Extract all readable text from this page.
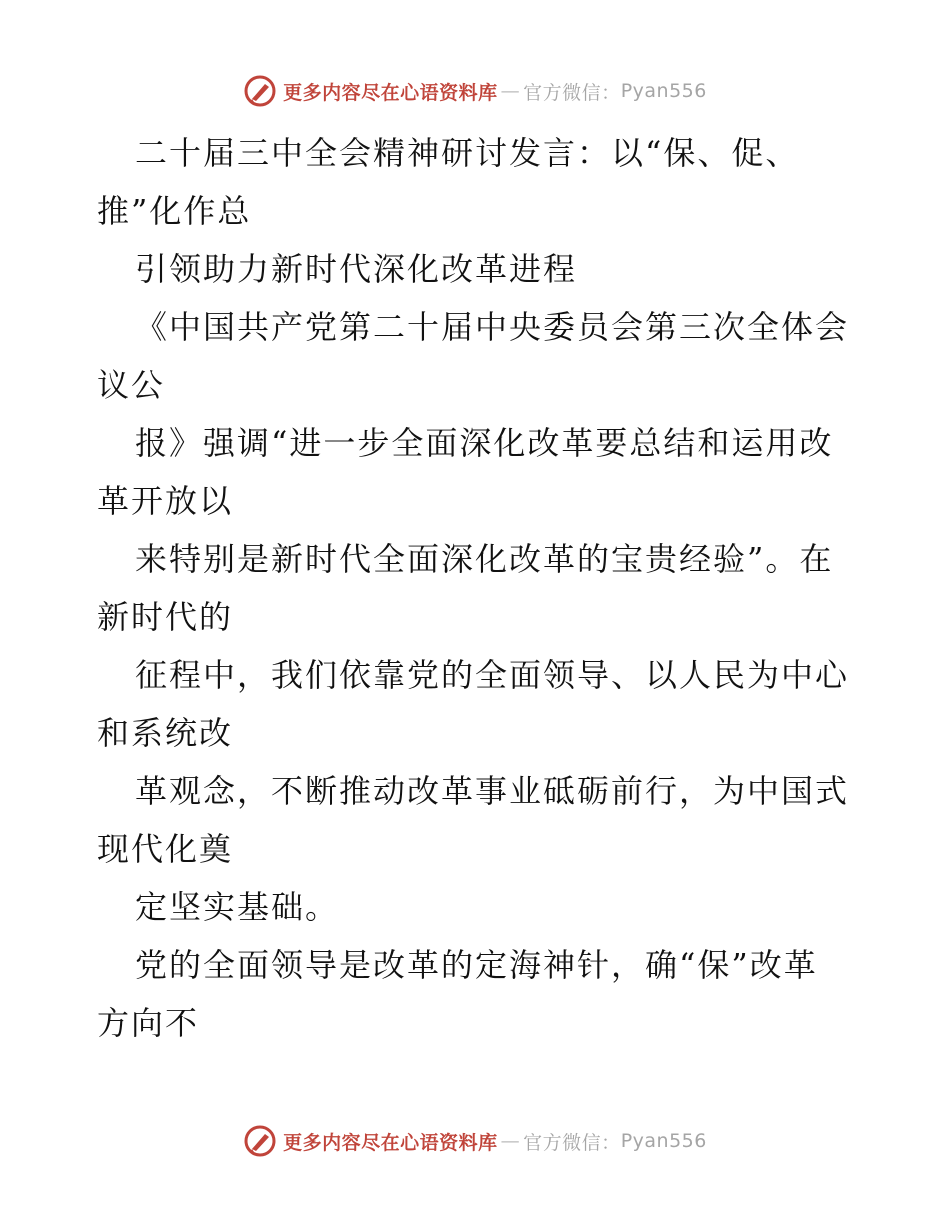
更多内容尽在心语资料库 — 官方微信： Pyan556
二十届三中全会精神研讨发言：以“保、促、
推”化作总
引领助力新时代深化改革进程
《中国共产党第二十届中央委员会第三次全体会
议公
报》强调“进一步全面深化改革要总结和运用改
革开放以
来特别是新时代全面深化改革的宝贵经验”。在
新时代的
征程中，我们依靠党的全面领导、以人民为中心
和系统改
革观念，不断推动改革事业砥砺前行，为中国式
现代化奠
定坚实基础。
党的全面领导是改革的定海神针，确“保”改革
方向不
更多内容尽在心语资料库 — 官方微信： Pyan556
